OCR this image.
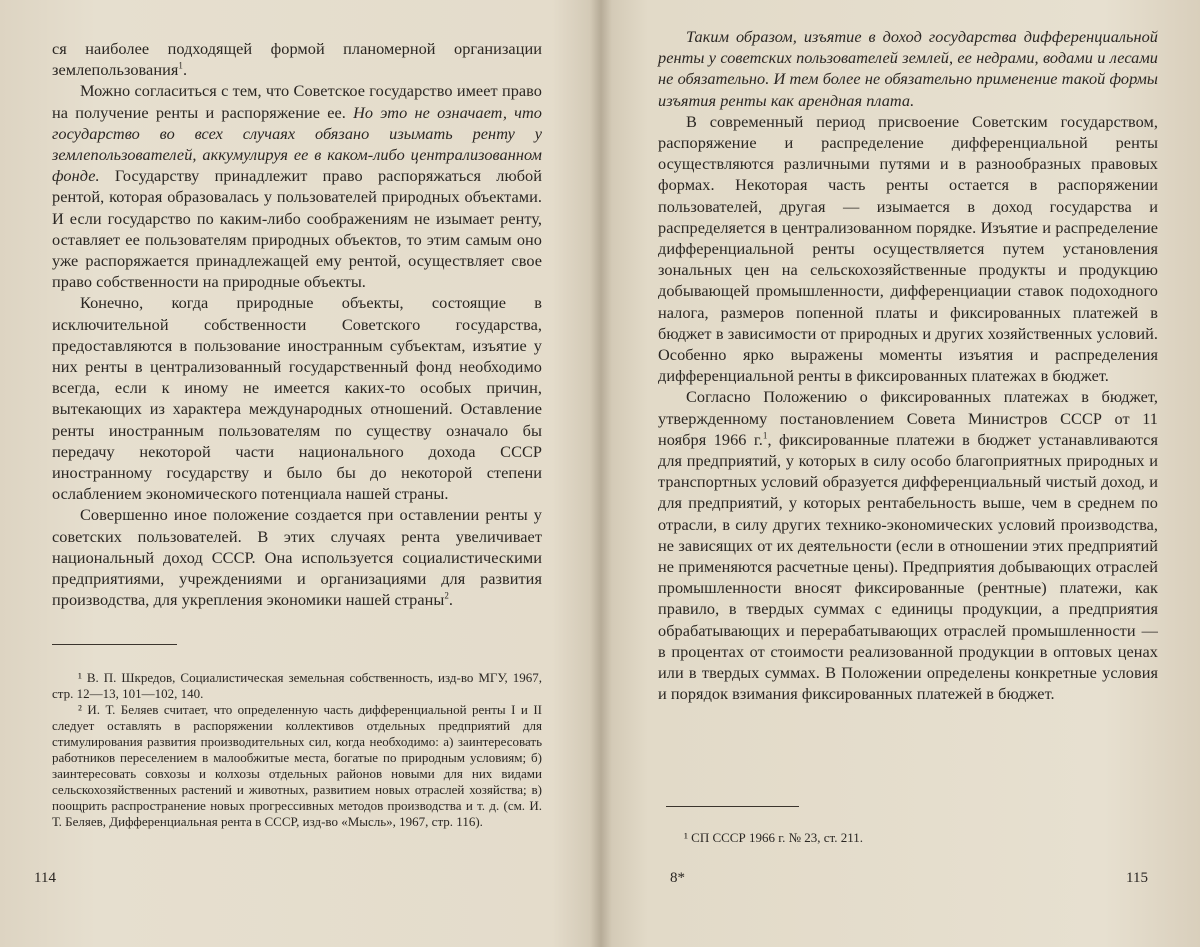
ся наиболее подходящей формой планомерной организации землепользования$^1$.

Можно согласиться с тем, что Советское государство имеет право на получение ренты и распоряжение ее. Но это не означает, что государство во всех случаях обязано изымать ренту у землепользователей, аккумулируя ее в каком-либо централизованном фонде. Государству принадлежит право распоряжаться любой рентой, которая образовалась у пользователей природных объектами. И если государство по каким-либо соображениям не изымает ренту, оставляет ее пользователям природных объектов, то этим самым оно уже распоряжается принадлежащей ему рентой, осуществляет свое право собственности на природные объекты.

Конечно, когда природные объекты, состоящие в исключительной собственности Советского государства, предоставляются в пользование иностранным субъектам, изъятие у них ренты в централизованный государственный фонд необходимо всегда, если к иному не имеется каких-то особых причин, вытекающих из характера международных отношений. Оставление ренты иностранным пользователям по существу означало бы передачу некоторой части национального дохода СССР иностранному государству и было бы до некоторой степени ослаблением экономического потенциала нашей страны.

Совершенно иное положение создается при оставлении ренты у советских пользователей. В этих случаях рента увеличивает национальный доход СССР. Она используется социалистическими предприятиями, учреждениями и организациями для развития производства, для укрепления экономики нашей страны$^2$.

¹ В. П. Шкредов, Социалистическая земельная собственность, изд-во МГУ, 1967, стр. 12—13, 101—102, 140.

² И. Т. Беляев считает, что определенную часть дифференциальной ренты I и II следует оставлять в распоряжении коллективов отдельных предприятий для стимулирования развития производительных сил, когда необходимо: а) заинтересовать работников переселением в малообжитые места, богатые по природным условиям; б) заинтересовать совхозы и колхозы отдельных районов новыми для них видами сельскохозяйственных растений и животных, развитием новых отраслей хозяйства; в) поощрить распространение новых прогрессивных методов производства и т. д. (см. И. Т. Беляев, Дифференциальная рента в СССР, изд-во «Мысль», 1967, стр. 116).

114

Таким образом, изъятие в доход государства дифференциальной ренты у советских пользователей землей, ее недрами, водами и лесами не обязательно. И тем более не обязательно применение такой формы изъятия ренты как арендная плата.

В современный период присвоение Советским государством, распоряжение и распределение дифференциальной ренты осуществляются различными путями и в разнообразных правовых формах. Некоторая часть ренты остается в распоряжении пользователей, другая — изымается в доход государства и распределяется в централизованном порядке. Изъятие и распределение дифференциальной ренты осуществляется путем установления зональных цен на сельскохозяйственные продукты и продукцию добывающей промышленности, дифференциации ставок подоходного налога, размеров попенной платы и фиксированных платежей в бюджет в зависимости от природных и других хозяйственных условий. Особенно ярко выражены моменты изъятия и распределения дифференциальной ренты в фиксированных платежах в бюджет.

Согласно Положению о фиксированных платежах в бюджет, утвержденному постановлением Совета Министров СССР от 11 ноября 1966 г.$^1$, фиксированные платежи в бюджет устанавливаются для предприятий, у которых в силу особо благоприятных природных и транспортных условий образуется дифференциальный чистый доход, и для предприятий, у которых рентабельность выше, чем в среднем по отрасли, в силу других технико-экономических условий производства, не зависящих от их деятельности (если в отношении этих предприятий не применяются расчетные цены). Предприятия добывающих отраслей промышленности вносят фиксированные (рентные) платежи, как правило, в твердых суммах с единицы продукции, а предприятия обрабатывающих и перерабатывающих отраслей промышленности — в процентах от стоимости реализованной продукции в оптовых ценах или в твердых суммах. В Положении определены конкретные условия и порядок взимания фиксированных платежей в бюджет.

¹ СП СССР 1966 г. № 23, ст. 211.

8*	115
